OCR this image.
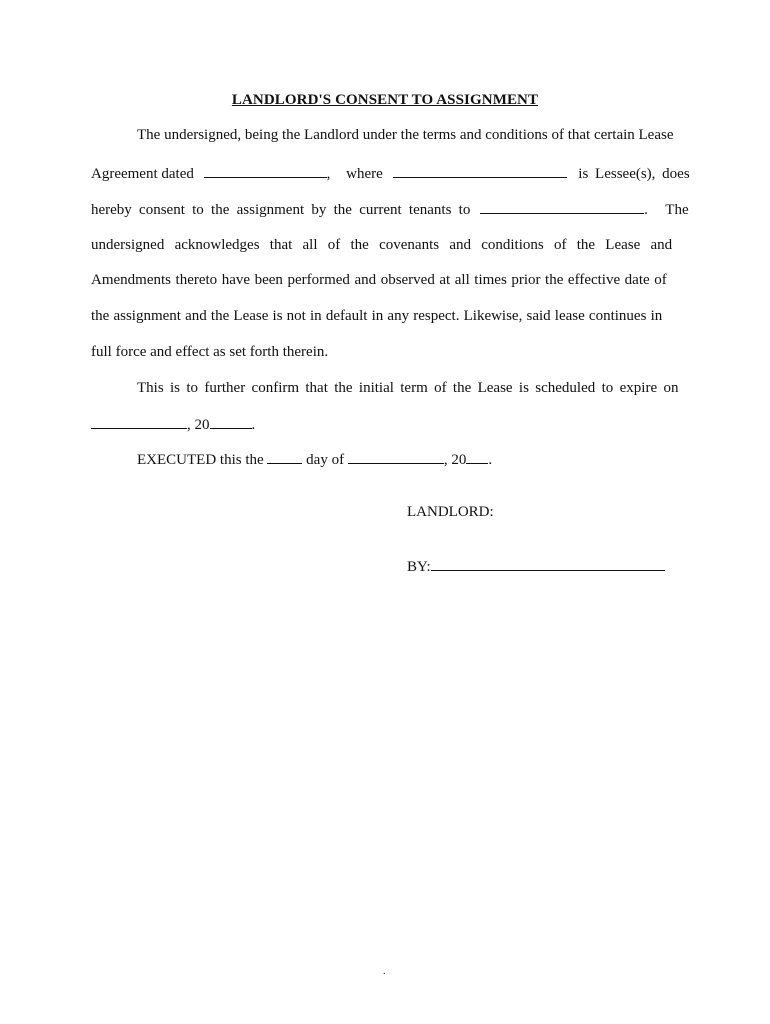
LANDLORD'S CONSENT TO ASSIGNMENT
The undersigned, being the Landlord under the terms and conditions of that certain Lease
Agreement dated	, where	is Lessee(s), does
hereby consent to the assignment by the current tenants to	. The
undersigned acknowledges that all of the covenants and conditions of the Lease and
Amendments thereto have been performed and observed at all times prior the effective date of
the assignment and the Lease is not in default in any respect. Likewise, said lease continues in
full force and effect as set forth therein.
This is to further confirm that the initial term of the Lease is scheduled to expire on
, 20	.
EXECUTED this the	day of	, 20 .
LANDLORD:
BY:
.
